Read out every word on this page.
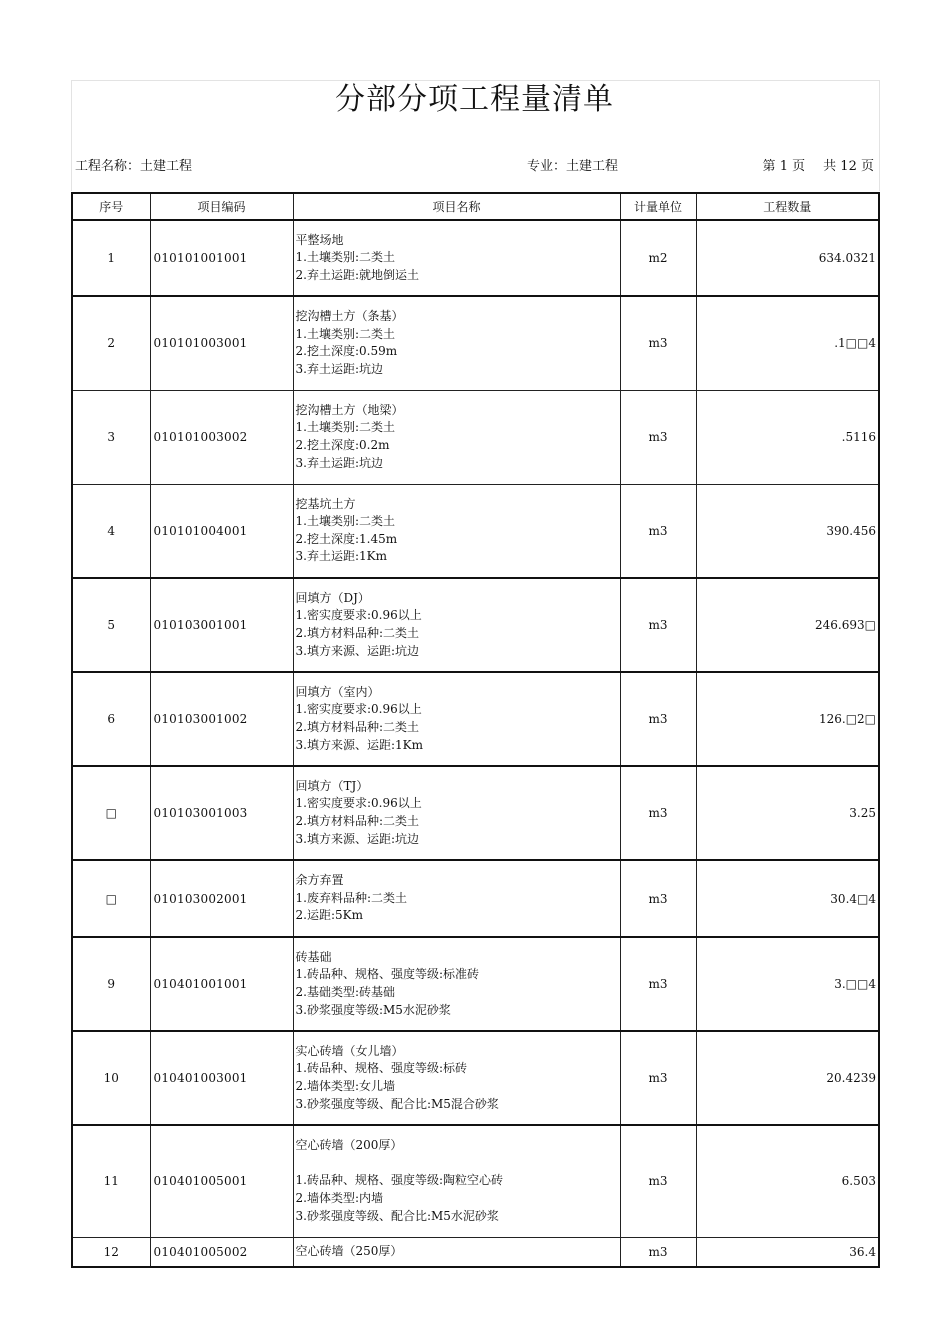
分部分项工程量清单
工程名称：土建工程	专业：土建工程	第 1 页 共 12 页
序号	项目编码	项目名称	计量单位	工程数量
1	010101001001	平整场地
1.土壤类别:二类土
2.弃土运距:就地倒运土	m2	634.0321
2	010101003001	挖沟槽土方（条基）
1.土壤类别:二类土
2.挖土深度:0.59m
3.弃土运距:坑边	m3	.1□□4
3	010101003002	挖沟槽土方（地梁）
1.土壤类别:二类土
2.挖土深度:0.2m
3.弃土运距:坑边	m3	.5116
4	010101004001	挖基坑土方
1.土壤类别:二类土
2.挖土深度:1.45m
3.弃土运距:1Km	m3	390.456
5	010103001001	回填方（DJ）
1.密实度要求:0.96以上
2.填方材料品种:二类土
3.填方来源、运距:坑边	m3	246.693□
6	010103001002	回填方（室内）
1.密实度要求:0.96以上
2.填方材料品种:二类土
3.填方来源、运距:1Km	m3	126.□2□
□	010103001003	回填方（TJ）
1.密实度要求:0.96以上
2.填方材料品种:二类土
3.填方来源、运距:坑边	m3	3.25
□	010103002001	余方弃置
1.废弃料品种:二类土
2.运距:5Km	m3	30.4□4
9	010401001001	砖基础
1.砖品种、规格、强度等级:标准砖
2.基础类型:砖基础
3.砂浆强度等级:M5水泥砂浆	m3	3.□□4
10	010401003001	实心砖墙（女儿墙）
1.砖品种、规格、强度等级:标砖
2.墙体类型:女儿墙
3.砂浆强度等级、配合比:M5混合砂浆	m3	20.4239
11	010401005001	空心砖墙（200厚）
1.砖品种、规格、强度等级:陶粒空心砖
2.墙体类型:内墙
3.砂浆强度等级、配合比:M5水泥砂浆	m3	6.503
12	010401005002	空心砖墙（250厚）	m3	36.4
